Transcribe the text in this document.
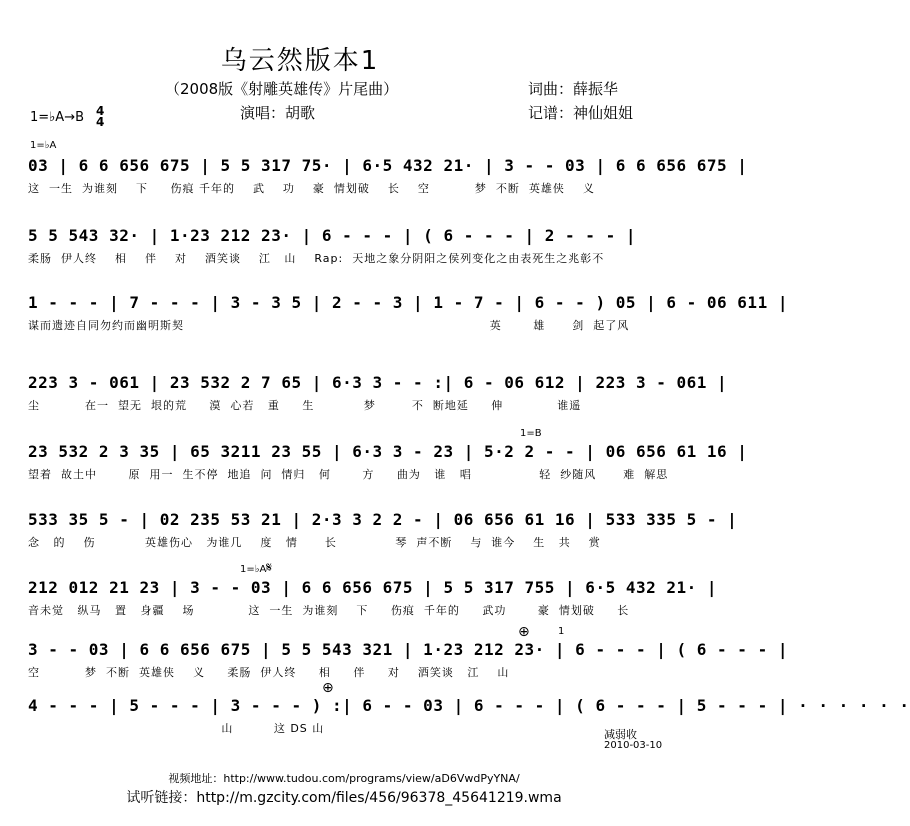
乌云然版本1
（2008版《射雕英雄传》片尾曲）
演唱：胡歌
词曲：薛振华
记谱：神仙姐姐
1=♭A→B 4
4
1=♭A
03 | 6 6 656 675 | 5 5 317 75· | 6·5 432 21· | 3 - - 03 | 6 6 656 675 |
这  一生  为谁刻    下     伤痕 千年的    武    功    豪  情划破    长    空          梦  不断  英雄侠    义
5 5 543 32· | 1·23 212 23· | 6 - - - | ( 6 - - - | 2 - - - |
柔肠  伊人终    相    伴    对    酒笑谈    江   山    Rap:  天地之象分阴阳之侯列变化之由表死生之兆彰不
1 - - - | 7 - - - | 3 - 3 5 | 2 - - 3 | 1 - 7 - | 6 - - ) 05 | 6 - 06 611 |
谋而遗迹自同勿约而幽明斯契                                                                    英       雄      剑  起了风
223 3 - 061 | 23 532 2 7 65 | 6·3 3 - - :| 6 - 06 612 | 223 3 - 061 |
尘          在一  望无  垠的荒     漠  心若   重     生           梦        不  断地延     伸            谁遥
1=B
23 532 2 3 35 | 65 3211 23 55 | 6·3 3 - 23 | 5·2 2 - - | 06 656 61 16 |
望着  故土中       原  用一  生不停  地追  问  情归   何       方     曲为   谁   唱               轻  纱随风      难  解思
533 35 5 - | 02 235 53 21 | 2·3 3 2 2 - | 06 656 61 16 | 533 335 5 - |
念   的    伤           英雄伤心   为谁几    度   情      长             琴  声不断    与  谁今    生   共    赏
1=♭A 𝄋
212 012 21 23 | 3 - - 03 | 6 6 656 675 | 5 5 317 755 | 6·5 432 21· |
音未觉   纵马   置   身疆    场            这  一生  为谁刻    下     伤痕  千年的     武功       豪  情划破     长
⊕	1
3 - - 03 | 6 6 656 675 | 5 5 543 321 | 1·23 212 23· | 6 - - - | ( 6 - - - |
空          梦  不断  英雄侠    义     柔肠  伊人终     相     伴     对    酒笑谈   江    山
⊕
4 - - - | 5 - - - | 3 - - - ) :| 6 - - 03 | 6 - - - | ( 6 - - - | 5 - - - | · · · · · ·
山         这 DS 山	减弱收
2010-03-10
视频地址：http://www.tudou.com/programs/view/aD6VwdPyYNA/
试听链接：http://m.gzcity.com/files/456/96378_45641219.wma
